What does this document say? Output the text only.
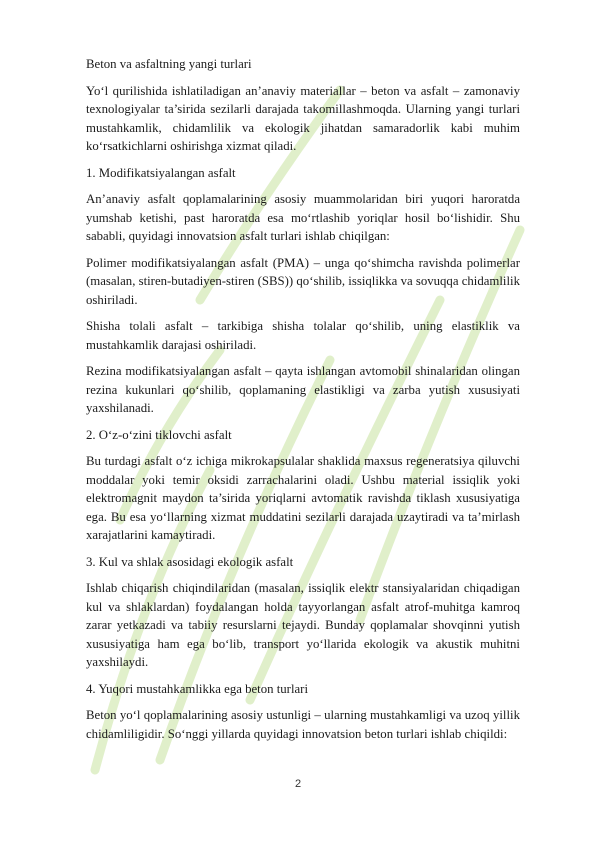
Beton va asfaltning yangi turlari

Yo‘l qurilishida ishlatiladigan an’anaviy materiallar – beton va asfalt – zamonaviy texnologiyalar ta’sirida sezilarli darajada takomillashmoqda. Ularning yangi turlari mustahkamlik, chidamlilik va ekologik jihatdan samaradorlik kabi muhim ko‘rsatkichlarni oshirishga xizmat qiladi.

1. Modifikatsiyalangan asfalt

An’anaviy asfalt qoplamalarining asosiy muammolaridan biri yuqori haroratda yumshab ketishi, past haroratda esa mo‘rtlashib yoriqlar hosil bo‘lishidir. Shu sababli, quyidagi innovatsion asfalt turlari ishlab chiqilgan:

Polimer modifikatsiyalangan asfalt (PMA) – unga qo‘shimcha ravishda polimerlar (masalan, stiren-butadiyen-stiren (SBS)) qo‘shilib, issiqlikka va sovuqqa chidamlilik oshiriladi.

Shisha tolali asfalt – tarkibiga shisha tolalar qo‘shilib, uning elastiklik va mustahkamlik darajasi oshiriladi.

Rezina modifikatsiyalangan asfalt – qayta ishlangan avtomobil shinalaridan olingan rezina kukunlari qo‘shilib, qoplamaning elastikligi va zarba yutish xususiyati yaxshilanadi.

2. O‘z-o‘zini tiklovchi asfalt

Bu turdagi asfalt o‘z ichiga mikrokapsulalar shaklida maxsus regeneratsiya qiluvchi moddalar yoki temir oksidi zarrachalarini oladi. Ushbu material issiqlik yoki elektromagnit maydon ta’sirida yoriqlarni avtomatik ravishda tiklash xususiyatiga ega. Bu esa yo‘llarning xizmat muddatini sezilarli darajada uzaytiradi va ta’mirlash xarajatlarini kamaytiradi.

3. Kul va shlak asosidagi ekologik asfalt

Ishlab chiqarish chiqindilaridan (masalan, issiqlik elektr stansiyalaridan chiqadigan kul va shlaklardan) foydalangan holda tayyorlangan asfalt atrof-muhitga kamroq zarar yetkazadi va tabiiy resurslarni tejaydi. Bunday qoplamalar shovqinni yutish xususiyatiga ham ega bo‘lib, transport yo‘llarida ekologik va akustik muhitni yaxshilaydi.

4. Yuqori mustahkamlikka ega beton turlari

Beton yo‘l qoplamalarining asosiy ustunligi – ularning mustahkamligi va uzoq yillik chidamliligidir. So‘nggi yillarda quyidagi innovatsion beton turlari ishlab chiqildi:

2
